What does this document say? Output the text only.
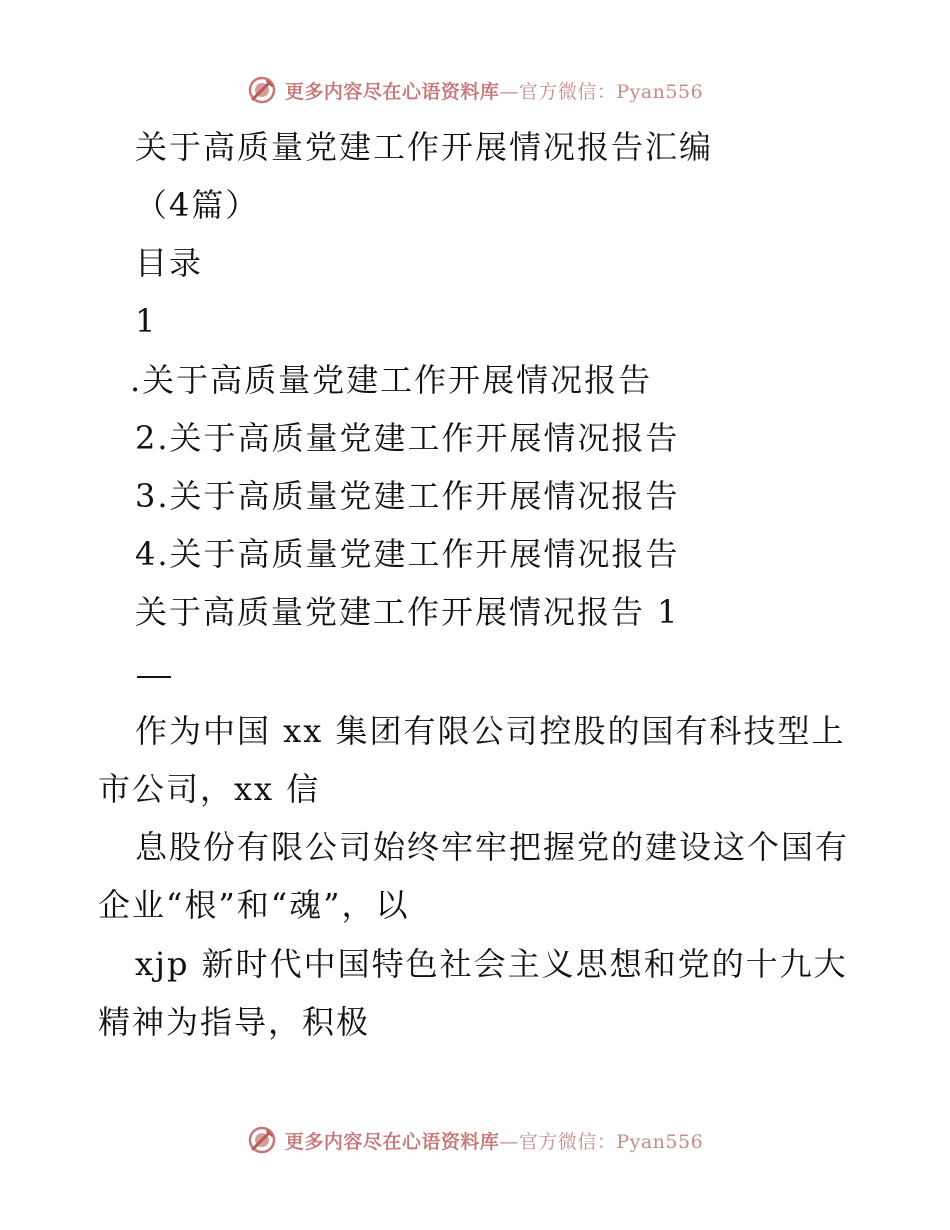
更多内容尽在心语资料库—官方微信：Pyan556
关于高质量党建工作开展情况报告汇编
（4篇）
目录
1
.关于高质量党建工作开展情况报告
2.关于高质量党建工作开展情况报告
3.关于高质量党建工作开展情况报告
4.关于高质量党建工作开展情况报告
关于高质量党建工作开展情况报告 1
作为中国 xx 集团有限公司控股的国有科技型上
市公司，xx 信
息股份有限公司始终牢牢把握党的建设这个国有
企业“根”和“魂”，以
xjp 新时代中国特色社会主义思想和党的十九大
精神为指导，积极
更多内容尽在心语资料库—官方微信：Pyan556
